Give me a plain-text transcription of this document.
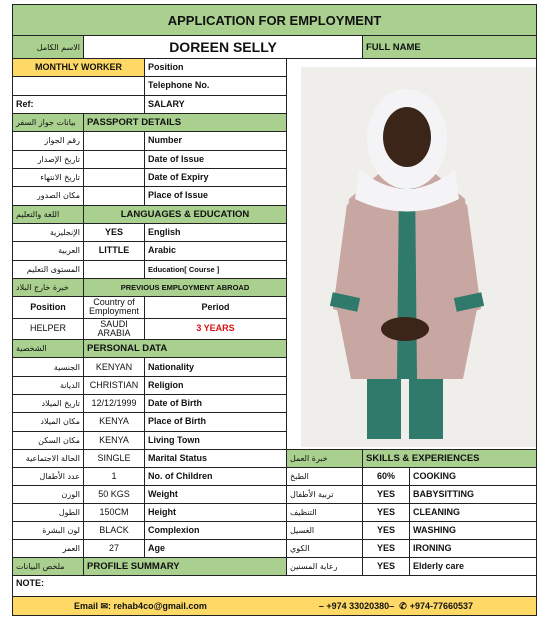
APPLICATION FOR EMPLOYMENT					
الاسم الكامل	DOREEN SELLY			FULL NAME	
MONTHLY WORKER		Position	

		Telephone No.			
Ref:		SALARY			
بيانات جواز السفر	PASSPORT DETAILS				
رقم الجواز		Number			
تاريخ الإصدار		Date of Issue			
تاريخ الانتهاء		Date of Expiry			
مكان الصدور		Place of Issue			
اللغة والتعليم	LANGUAGES & EDUCATION				
الإنجليزية	YES	English			
العربية	LITTLE	Arabic			
المستوى التعليم		Education[ Course ]			
خبرة خارج البلاد	PREVIOUS EMPLOYMENT ABROAD				
Position	Country of Employment	Period			
HELPER	SAUDI ARABIA	3 YEARS			
الشخصية	PERSONAL DATA				
الجنسية	KENYAN	Nationality			
الديانة	CHRISTIAN	Religion			
تاريخ الميلاد	12/12/1999	Date of Birth			
مكان الميلاد	KENYA	Place of Birth			
مكان السكن	KENYA	Living Town			
الحالة الاجتماعية	SINGLE	Marital Status	خبرة العمل	SKILLS & EXPERIENCES	
عدد الأطفال	1	No. of Children	الطبخ	60%	COOKING
الوزن	50 KGS	Weight	تربية الأطفال	YES	BABYSITTING
الطول	150CM	Height	التنظيف	YES	CLEANING
لون البشرة	BLACK	Complexion	الغسيل	YES	WASHING
العمر	27	Age	الكوي	YES	IRONING
ملخص البيانات	PROFILE SUMMARY		رعاية المسنين	YES	Elderly care
NOTE:					

Email ✉: rehab4co@gmail.com – +974 33020380– ✆ +974-77660537					
